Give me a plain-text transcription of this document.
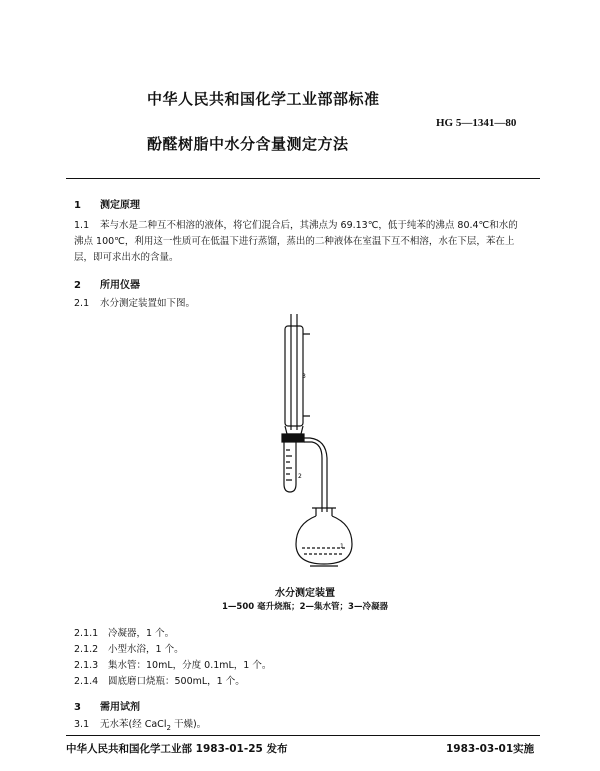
中华人民共和国化学工业部部标准
HG 5—1341—80
酚醛树脂中水分含量测定方法
1 测定原理
1.1 苯与水是二种互不相溶的液体，将它们混合后，其沸点为 69.13℃，低于纯苯的沸点 80.4℃和水的
沸点 100℃，利用这一性质可在低温下进行蒸馏，蒸出的二种液体在室温下互不相溶，水在下层，苯在上
层，即可求出水的含量。
2 所用仪器
2.1 水分测定装置如下图。
3
2
1
水分测定装置
1—500 毫升烧瓶；2—集水管；3—冷凝器
2.1.1 冷凝器，1 个。
2.1.2 小型水浴，1 个。
2.1.3 集水管：10mL，分度 0.1mL，1 个。
2.1.4 圆底磨口烧瓶：500mL，1 个。
3 需用试剂
3.1 无水苯(经 CaCl$_2$ 干燥)。
中华人民共和国化学工业部 1983-01-25 发布	1983-03-01实施
